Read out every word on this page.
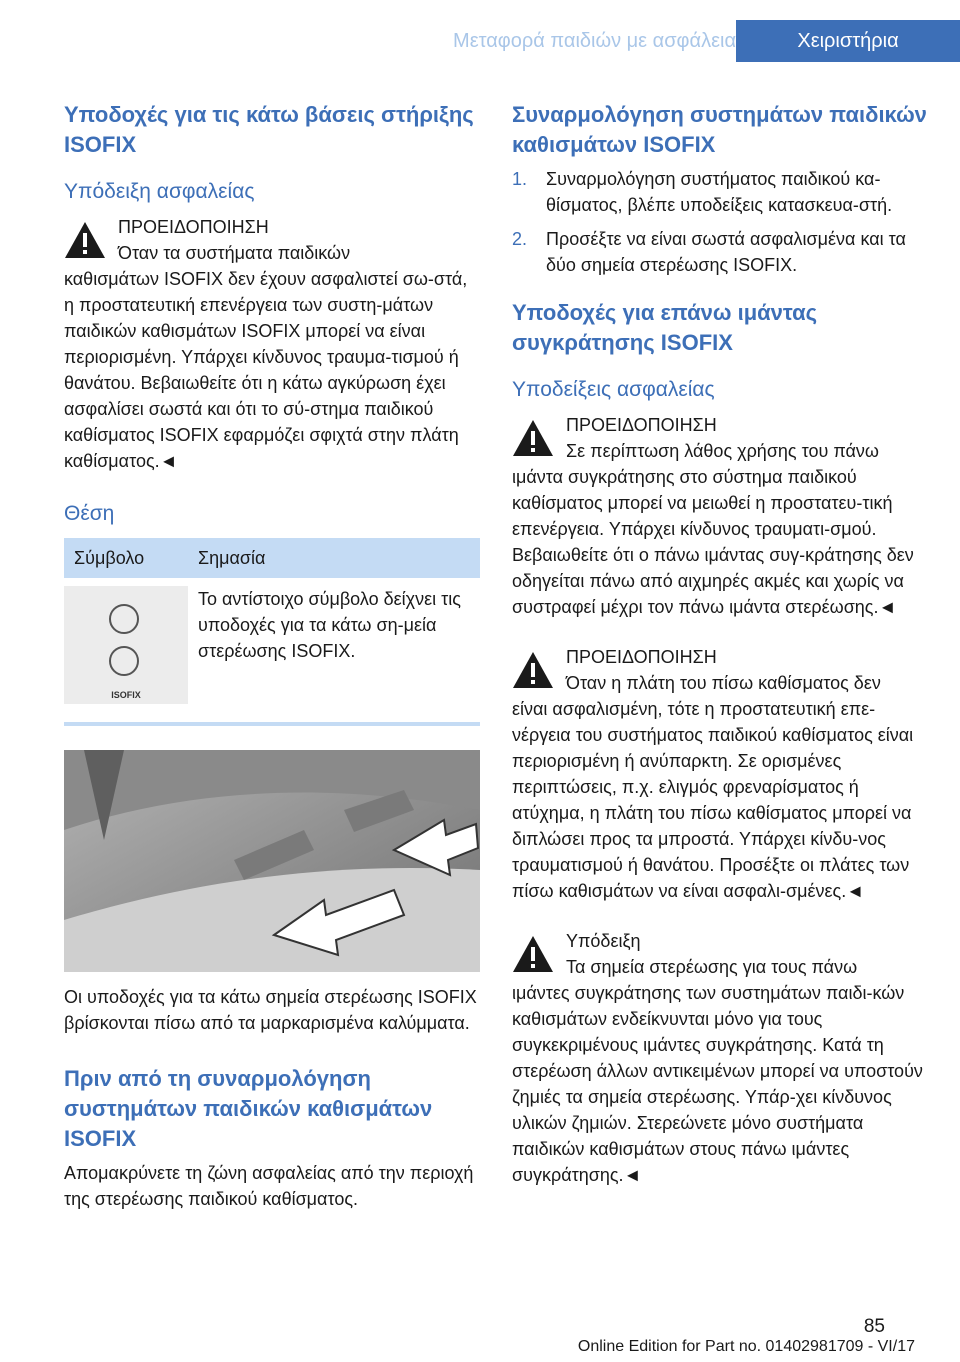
Μεταφορά παιδιών με ασφάλεια	Χειριστήρια
Υποδοχές για τις κάτω βάσεις στήριξης ISOFIX
Υπόδειξη ασφαλείας
ΠΡΟΕΙΔΟΠΟΙΗΣΗ
Όταν τα συστήματα παιδικών
καθισμάτων ISOFIX δεν έχουν ασφαλιστεί σω-στά, η προστατευτική επενέργεια των συστη-μάτων παιδικών καθισμάτων ISOFIX μπορεί να είναι περιορισμένη. Υπάρχει κίνδυνος τραυμα-τισμού ή θανάτου. Βεβαιωθείτε ότι η κάτω αγκύρωση έχει ασφαλίσει σωστά και ότι το σύ-στημα παιδικού καθίσματος ISOFIX εφαρμόζει σφιχτά στην πλάτη καθίσματος.◄
Θέση
Σύμβολο	Σημασία

ISOFIX	Το αντίστοιχο σύμβολο δείχνει τις υποδοχές για τα κάτω ση-μεία στερέωσης ISOFIX.
Οι υποδοχές για τα κάτω σημεία στερέωσης ISOFIX βρίσκονται πίσω από τα μαρκαρισμένα καλύμματα.
Πριν από τη συναρμολόγηση συστημάτων παιδικών καθισμάτων ISOFIX
Απομακρύνετε τη ζώνη ασφαλείας από την περιοχή της στερέωσης παιδικού καθίσματος.
Συναρμολόγηση συστημάτων παιδικών καθισμάτων ISOFIX
1. Συναρμολόγηση συστήματος παιδικού κα-θίσματος, βλέπε υποδείξεις κατασκευα-στή.
2. Προσέξτε να είναι σωστά ασφαλισμένα και τα δύο σημεία στερέωσης ISOFIX.
Υποδοχές για επάνω ιμάντας συγκράτησης ISOFIX
Υποδείξεις ασφαλείας
ΠΡΟΕΙΔΟΠΟΙΗΣΗ
Σε περίπτωση λάθος χρήσης του πάνω
ιμάντα συγκράτησης στο σύστημα παιδικού καθίσματος μπορεί να μειωθεί η προστατευ-τική επενέργεια. Υπάρχει κίνδυνος τραυματι-σμού. Βεβαιωθείτε ότι ο πάνω ιμάντας συγ-κράτησης δεν οδηγείται πάνω από αιχμηρές ακμές και χωρίς να συστραφεί μέχρι τον πάνω ιμάντα στερέωσης.◄
ΠΡΟΕΙΔΟΠΟΙΗΣΗ
Όταν η πλάτη του πίσω καθίσματος δεν
είναι ασφαλισμένη, τότε η προστατευτική επε-νέργεια του συστήματος παιδικού καθίσματος είναι περιορισμένη ή ανύπαρκτη. Σε ορισμένες περιπτώσεις, π.χ. ελιγμός φρεναρίσματος ή ατύχημα, η πλάτη του πίσω καθίσματος μπορεί να διπλώσει προς τα μπροστά. Υπάρχει κίνδυ-νος τραυματισμού ή θανάτου. Προσέξτε οι πλάτες των πίσω καθισμάτων να είναι ασφαλι-σμένες.◄
Υπόδειξη
Τα σημεία στερέωσης για τους πάνω
ιμάντες συγκράτησης των συστημάτων παιδι-κών καθισμάτων ενδείκνυνται μόνο για τους συγκεκριμένους ιμάντες συγκράτησης. Κατά τη στερέωση άλλων αντικειμένων μπορεί να υποστούν ζημιές τα σημεία στερέωσης. Υπάρ-χει κίνδυνος υλικών ζημιών. Στερεώνετε μόνο συστήματα παιδικών καθισμάτων στους πάνω ιμάντες συγκράτησης.◄
85
Online Edition for Part no. 01402981709 - VI/17
